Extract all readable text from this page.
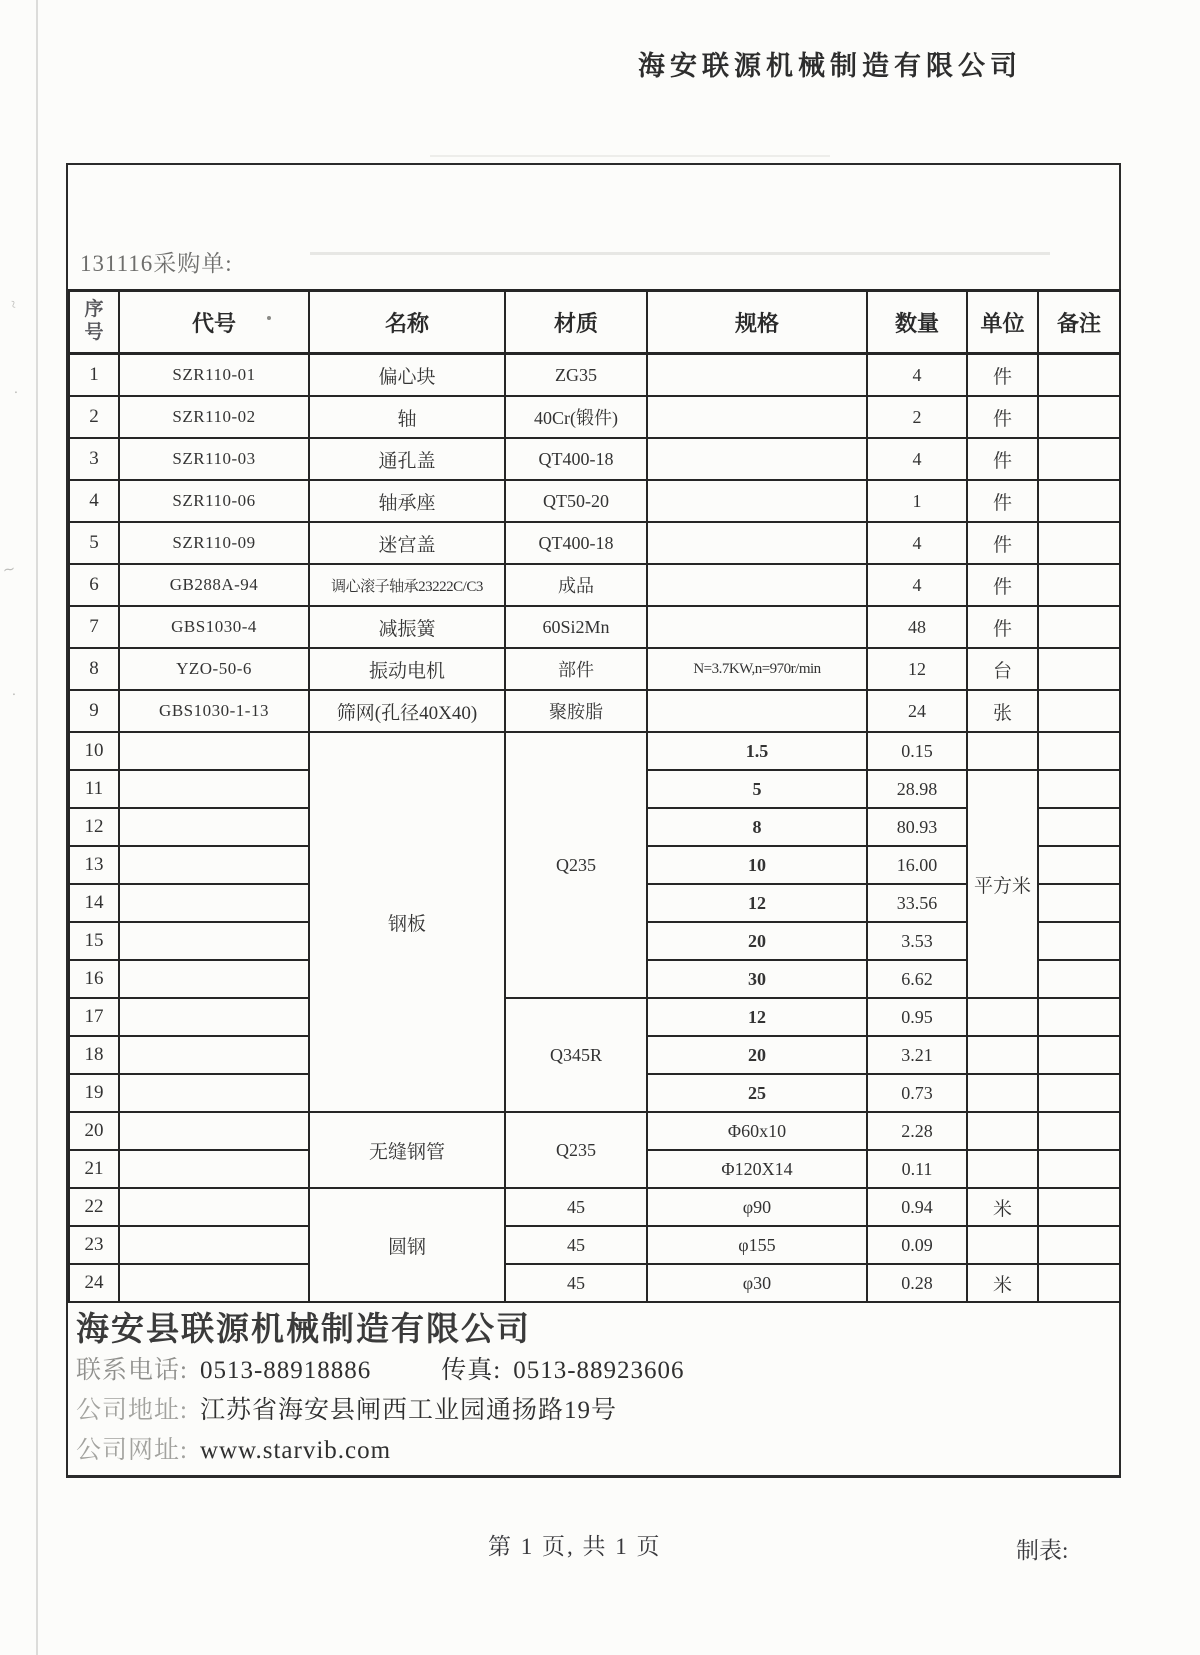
~
·
≀
·
海安联源机械制造有限公司
131116采购单:
序号	代号	名称	材质	规格	数量	单位	备注
1	SZR110-01	偏心块	ZG35		4	件	
2	SZR110-02	轴	40Cr(锻件)		2	件	
3	SZR110-03	通孔盖	QT400-18		4	件	
4	SZR110-06	轴承座	QT50-20		1	件	
5	SZR110-09	迷宫盖	QT400-18		4	件	
6	GB288A-94	调心滚子轴承23222C/C3	成品		4	件	
7	GBS1030-4	减振簧	60Si2Mn		48	件	
8	YZO-50-6	振动电机	部件	N=3.7KW,n=970r/min	12	台	
9	GBS1030-1-13	筛网(孔径40X40)	聚胺脂		24	张	
10		钢板	Q235	1.5	0.15		
11				5	28.98	平方米	
12				8	80.93		
13				10	16.00		
14				12	33.56		
15				20	3.53		
16				30	6.62		
17			Q345R	12	0.95		
18				20	3.21		
19				25	0.73		
20		无缝钢管	Q235	Φ60x10	2.28		
21				Φ120X14	0.11		
22		圆钢	45	φ90	0.94	米	
23			45	φ155	0.09		
24			45	φ30	0.28	米	
海安县联源机械制造有限公司
联系电话: 0513-88918886	传真: 0513-88923606
公司地址: 江苏省海安县闸西工业园通扬路19号
公司网址: www.starvib.com
第 1 页, 共 1 页	制表:
